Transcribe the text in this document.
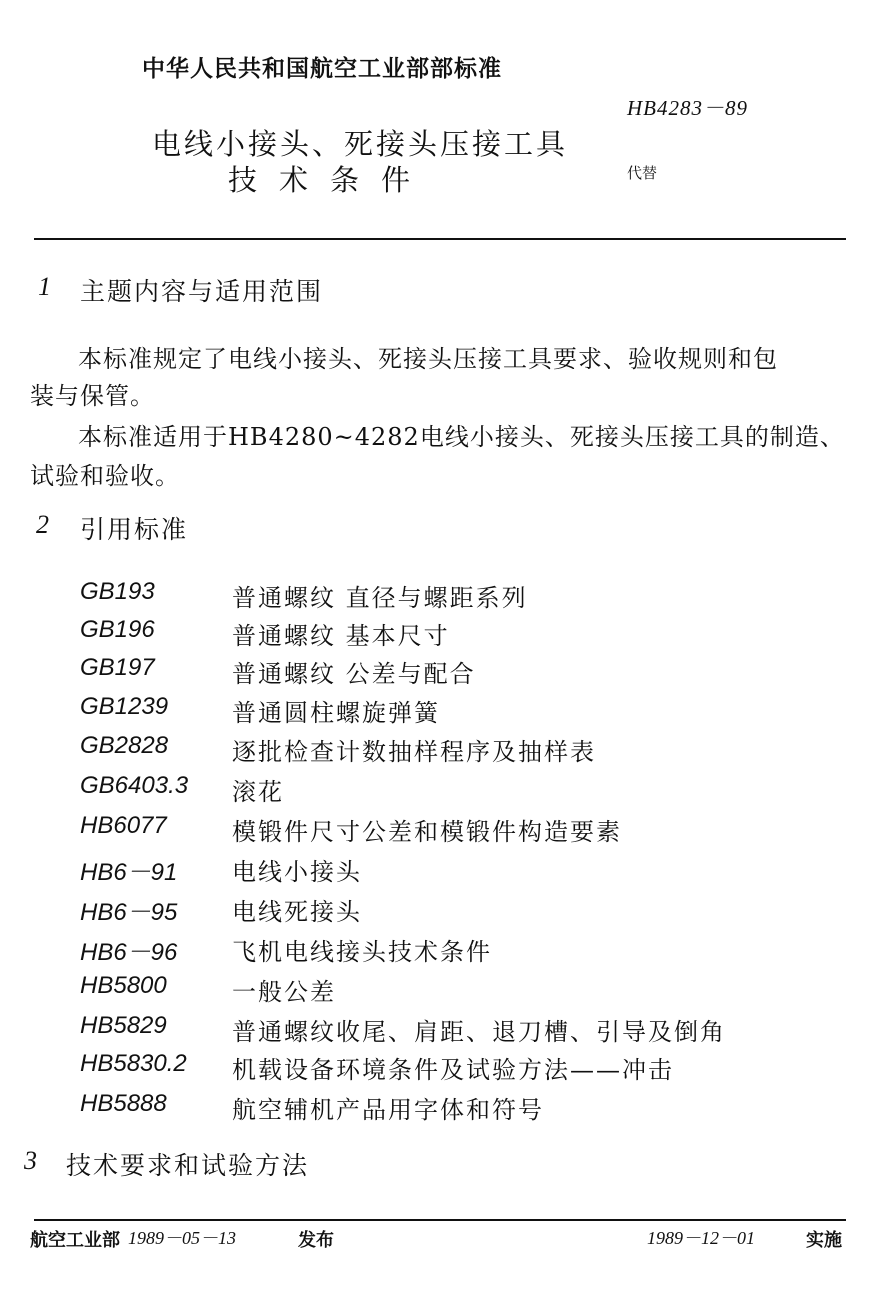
中华人民共和国航空工业部部标准
HB4283－89
电线小接头、死接头压接工具
技术条件	代替
1 主题内容与适用范围
本标准规定了电线小接头、死接头压接工具要求、验收规则和包
装与保管。
本标准适用于HB4280~4282电线小接头、死接头压接工具的制造、
试验和验收。
2 引用标准
GB193	普通螺纹 直径与螺距系列
GB196	普通螺纹 基本尺寸
GB197	普通螺纹 公差与配合
GB1239	普通圆柱螺旋弹簧
GB2828	逐批检查计数抽样程序及抽样表
GB6403.3 滚花
HB6077	模锻件尺寸公差和模锻件构造要素
HB6－91 电线小接头
HB6－95 电线死接头
HB6－96 飞机电线接头技术条件
HB5800	一般公差
HB5829	普通螺纹收尾、肩距、退刀槽、引导及倒角
HB5830.2 机载设备环境条件及试验方法——冲击
HB5888	航空辅机产品用字体和符号
3 技术要求和试验方法
航空工业部 1989－05－13	发布	1989－12－01	实施
